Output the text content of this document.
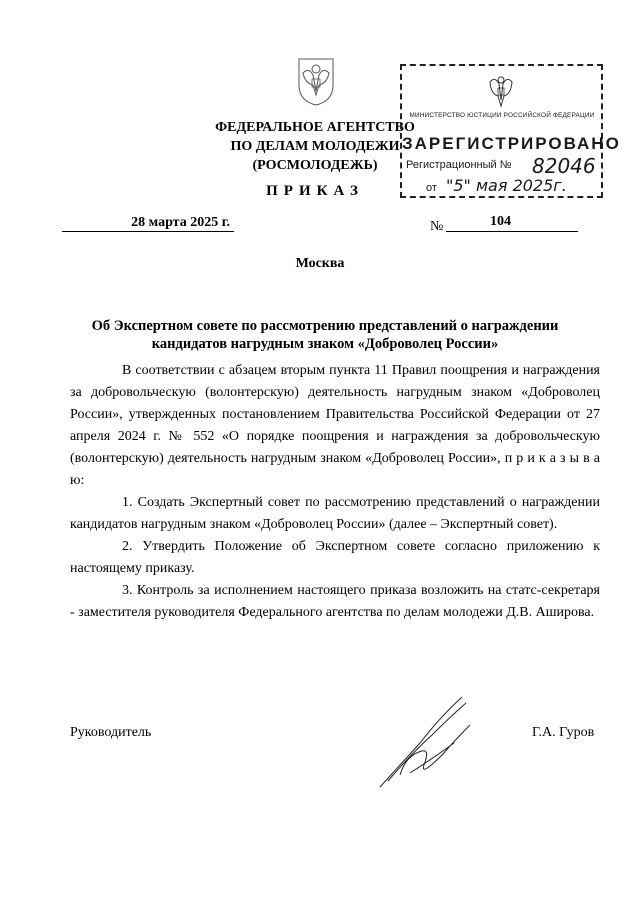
ФЕДЕРАЛЬНОЕ АГЕНТСТВО
ПО ДЕЛАМ МОЛОДЕЖИ
(РОСМОЛОДЕЖЬ)
ПРИКАЗ
МИНИСТЕРСТВО ЮСТИЦИИ РОССИЙСКОЙ ФЕДЕРАЦИИ
ЗАРЕГИСТРИРОВАНО
Регистрационный № 82046
от "5" мая 2025г.
28 марта 2025 г.	№	104
Москва
Об Экспертном совете по рассмотрению представлений о награждении
кандидатов нагрудным знаком «Доброволец России»

В соответствии с абзацем вторым пункта 11 Правил поощрения и награждения за добровольческую (волонтерскую) деятельность нагрудным знаком «Доброволец России», утвержденных постановлением Правительства Российской Федерации от 27 апреля 2024 г. № 552 «О порядке поощрения и награждения за добровольческую (волонтерскую) деятельность нагрудным знаком «Доброволец России», п р и к а з ы в а ю:

1. Создать Экспертный совет по рассмотрению представлений о награждении кандидатов нагрудным знаком «Доброволец России» (далее – Экспертный совет).

2. Утвердить Положение об Экспертном совете согласно приложению к настоящему приказу.

3. Контроль за исполнением настоящего приказа возложить на статс-секретаря - заместителя руководителя Федерального агентства по делам молодежи Д.В. Аширова.

Руководитель	Г.А. Гуров
